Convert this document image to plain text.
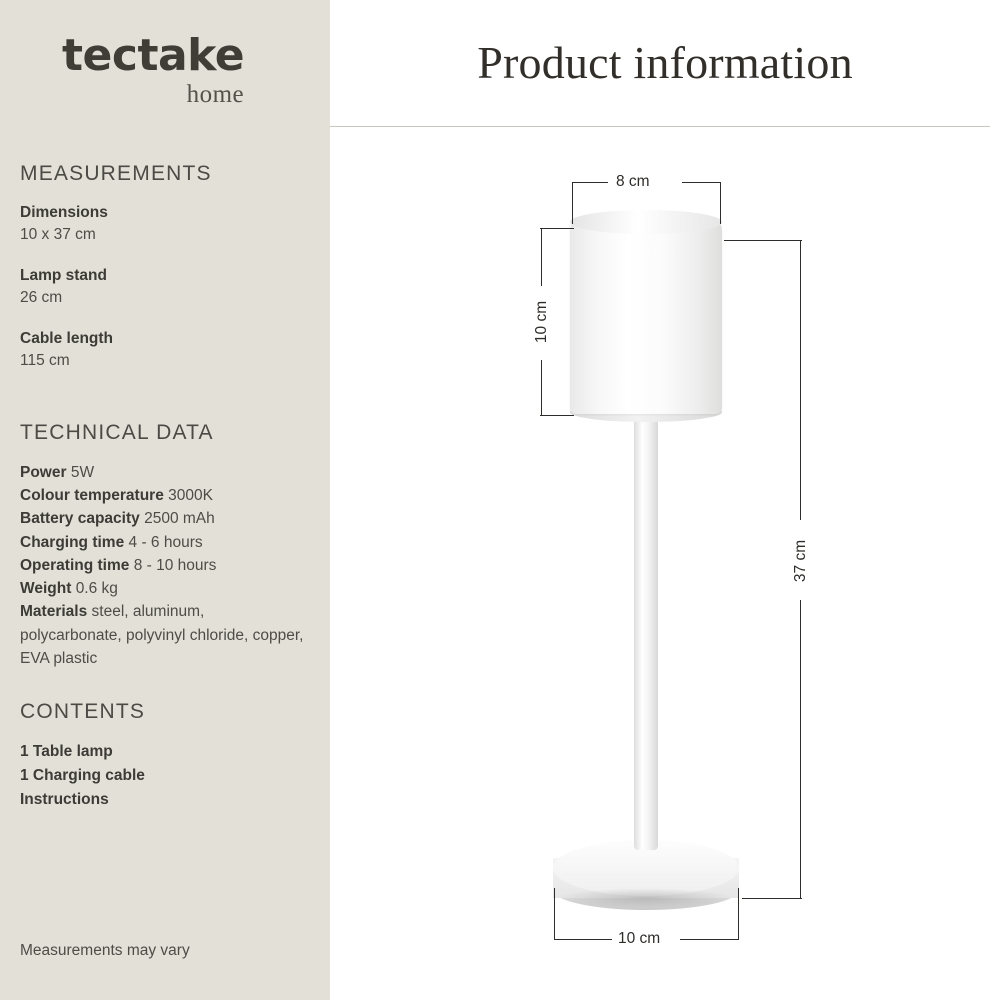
tectake
home
MEASUREMENTS
Dimensions
10 x 37 cm
Lamp stand
26 cm
Cable length
115 cm
TECHNICAL DATA
Power 5W
Colour temperature 3000K
Battery capacity 2500 mAh
Charging time 4 - 6 hours
Operating time 8 - 10 hours
Weight 0.6 kg
Materials steel, aluminum, polycarbonate, polyvinyl chloride, copper, EVA plastic
CONTENTS
1 Table lamp
1 Charging cable
Instructions
Measurements may vary
Product information
8 cm
10 cm
37 cm
10 cm
